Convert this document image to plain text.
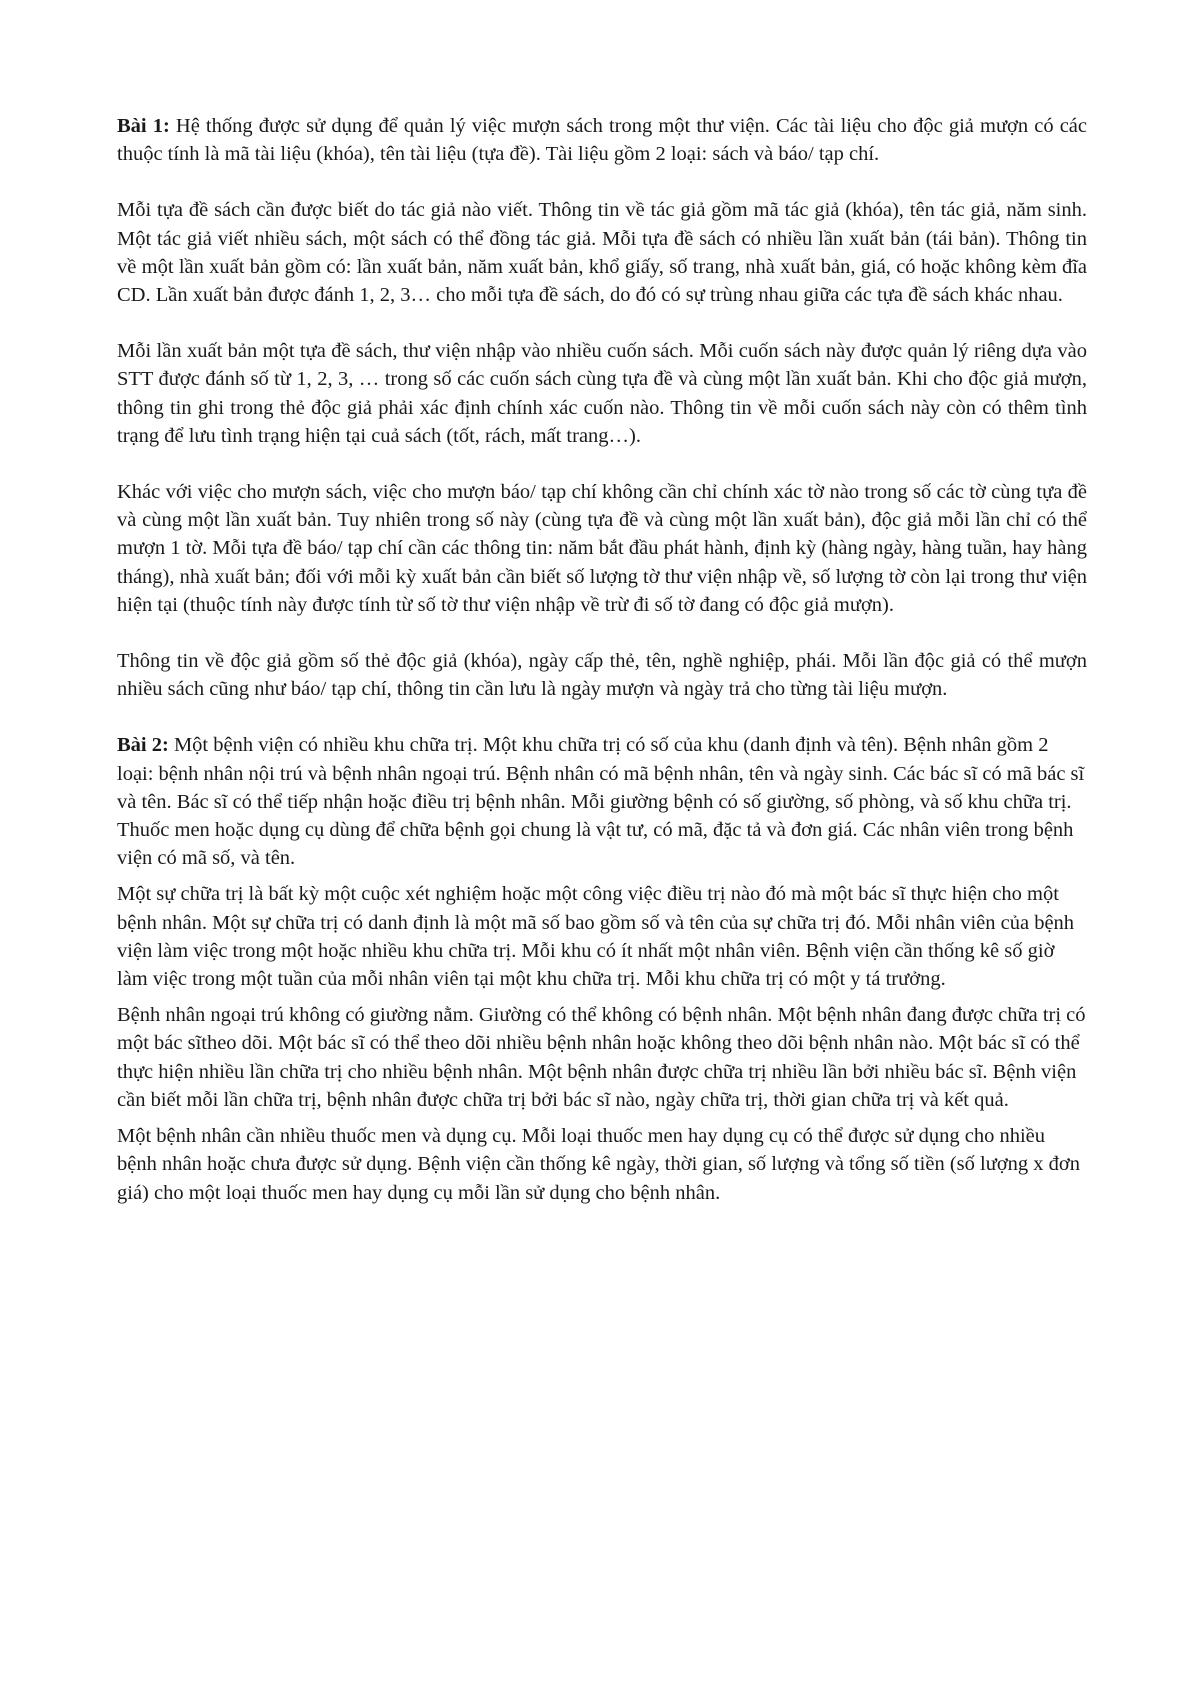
Bài 1: Hệ thống được sử dụng để quản lý việc mượn sách trong một thư viện. Các tài liệu cho độc giả mượn có các thuộc tính là mã tài liệu (khóa), tên tài liệu (tựa đề). Tài liệu gồm 2 loại: sách và báo/ tạp chí.

Mỗi tựa đề sách cần được biết do tác giả nào viết. Thông tin về tác giả gồm mã tác giả (khóa), tên tác giả, năm sinh. Một tác giả viết nhiều sách, một sách có thể đồng tác giả. Mỗi tựa đề sách có nhiều lần xuất bản (tái bản). Thông tin về một lần xuất bản gồm có: lần xuất bản, năm xuất bản, khổ giấy, số trang, nhà xuất bản, giá, có hoặc không kèm đĩa CD. Lần xuất bản được đánh 1, 2, 3… cho mỗi tựa đề sách, do đó có sự trùng nhau giữa các tựa đề sách khác nhau.

Mỗi lần xuất bản một tựa đề sách, thư viện nhập vào nhiều cuốn sách. Mỗi cuốn sách này được quản lý riêng dựa vào STT được đánh số từ 1, 2, 3, … trong số các cuốn sách cùng tựa đề và cùng một lần xuất bản. Khi cho độc giả mượn, thông tin ghi trong thẻ độc giả phải xác định chính xác cuốn nào. Thông tin về mỗi cuốn sách này còn có thêm tình trạng để lưu tình trạng hiện tại cuả sách (tốt, rách, mất trang…).

Khác với việc cho mượn sách, việc cho mượn báo/ tạp chí không cần chỉ chính xác tờ nào trong số các tờ cùng tựa đề và cùng một lần xuất bản. Tuy nhiên trong số này (cùng tựa đề và cùng một lần xuất bản), độc giả mỗi lần chỉ có thể mượn 1 tờ. Mỗi tựa đề báo/ tạp chí cần các thông tin: năm bắt đầu phát hành, định kỳ (hàng ngày, hàng tuần, hay hàng tháng), nhà xuất bản; đối với mỗi kỳ xuất bản cần biết số lượng tờ thư viện nhập về, số lượng tờ còn lại trong thư viện hiện tại (thuộc tính này được tính từ số tờ thư viện nhập về trừ đi số tờ đang có độc giả mượn).

Thông tin về độc giả gồm số thẻ độc giả (khóa), ngày cấp thẻ, tên, nghề nghiệp, phái. Mỗi lần độc giả có thể mượn nhiều sách cũng như báo/ tạp chí, thông tin cần lưu là ngày mượn và ngày trả cho từng tài liệu mượn.

Bài 2: Một bệnh viện có nhiều khu chữa trị. Một khu chữa trị có số của khu (danh định và tên). Bệnh nhân gồm 2 loại: bệnh nhân nội trú và bệnh nhân ngoại trú. Bệnh nhân có mã bệnh nhân, tên và ngày sinh. Các bác sĩ có mã bác sĩ và tên. Bác sĩ có thể tiếp nhận hoặc điều trị bệnh nhân. Mỗi giường bệnh có số giường, số phòng, và số khu chữa trị. Thuốc men hoặc dụng cụ dùng để chữa bệnh gọi chung là vật tư, có mã, đặc tả và đơn giá. Các nhân viên trong bệnh viện có mã số, và tên.

Một sự chữa trị là bất kỳ một cuộc xét nghiệm hoặc một công việc điều trị nào đó mà một bác sĩ thực hiện cho một bệnh nhân. Một sự chữa trị có danh định là một mã số bao gồm số và tên của sự chữa trị đó. Mỗi nhân viên của bệnh viện làm việc trong một hoặc nhiều khu chữa trị. Mỗi khu có ít nhất một nhân viên. Bệnh viện cần thống kê số giờ làm việc trong một tuần của mỗi nhân viên tại một khu chữa trị. Mỗi khu chữa trị có một y tá trưởng.

Bệnh nhân ngoại trú không có giường nằm. Giường có thể không có bệnh nhân. Một bệnh nhân đang được chữa trị có một bác sĩtheo dõi. Một bác sĩ có thể theo dõi nhiều bệnh nhân hoặc không theo dõi bệnh nhân nào. Một bác sĩ có thể thực hiện nhiều lần chữa trị cho nhiều bệnh nhân. Một bệnh nhân được chữa trị nhiều lần bởi nhiều bác sĩ. Bệnh viện cần biết mỗi lần chữa trị, bệnh nhân được chữa trị bởi bác sĩ nào, ngày chữa trị, thời gian chữa trị và kết quả.

Một bệnh nhân cần nhiều thuốc men và dụng cụ. Mỗi loại thuốc men hay dụng cụ có thể được sử dụng cho nhiều bệnh nhân hoặc chưa được sử dụng. Bệnh viện cần thống kê ngày, thời gian, số lượng và tổng số tiền (số lượng x đơn giá) cho một loại thuốc men hay dụng cụ mỗi lần sử dụng cho bệnh nhân.
